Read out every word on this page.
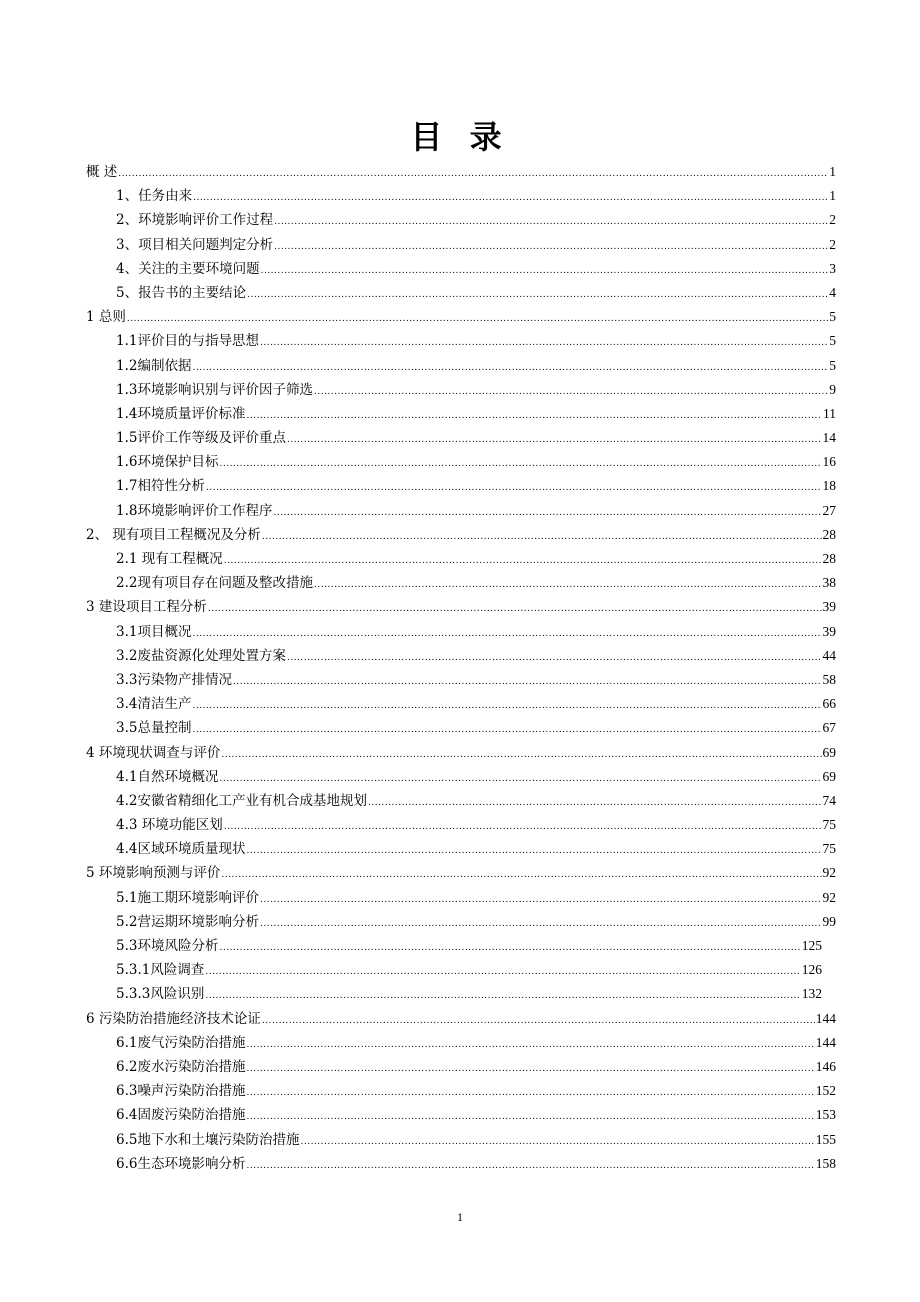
目 录
概 述 .....	1
1、任务由来 .....	1
2、环境影响评价工作过程 .....	2
3、项目相关问题判定分析 .....	2
4、关注的主要环境问题 .....	3
5、报告书的主要结论 .....	4
1 总则 .....	5
1.1评价目的与指导思想 .....	5
1.2编制依据 .....	5
1.3环境影响识别与评价因子筛选 .....	9
1.4环境质量评价标准 .....	11
1.5评价工作等级及评价重点 .....	14
1.6环境保护目标 .....	16
1.7相符性分析 .....	18
1.8环境影响评价工作程序 .....	27
2、 现有项目工程概况及分析 .....	28
2.1 现有工程概况 .....	28
2.2现有项目存在问题及整改措施 .....	38
3 建设项目工程分析 .....	39
3.1项目概况 .....	39
3.2废盐资源化处理处置方案 .....	44
3.3污染物产排情况 .....	58
3.4清洁生产 .....	66
3.5总量控制 .....	67
4 环境现状调查与评价 .....	69
4.1自然环境概况 .....	69
4.2安徽省精细化工产业有机合成基地规划 .....	74
4.3 环境功能区划 .....	75
4.4区域环境质量现状 .....	75
5 环境影响预测与评价 .....	92
5.1施工期环境影响评价 .....	92
5.2营运期环境影响分析 .....	99
5.3环境风险分析 .....	125
5.3.1风险调查 .....	126
5.3.3风险识别 .....	132
6 污染防治措施经济技术论证 .....	144
6.1废气污染防治措施 .....	144
6.2废水污染防治措施 .....	146
6.3噪声污染防治措施 .....	152
6.4固废污染防治措施 .....	153
6.5地下水和土壤污染防治措施 .....	155
6.6生态环境影响分析 .....	158
1
